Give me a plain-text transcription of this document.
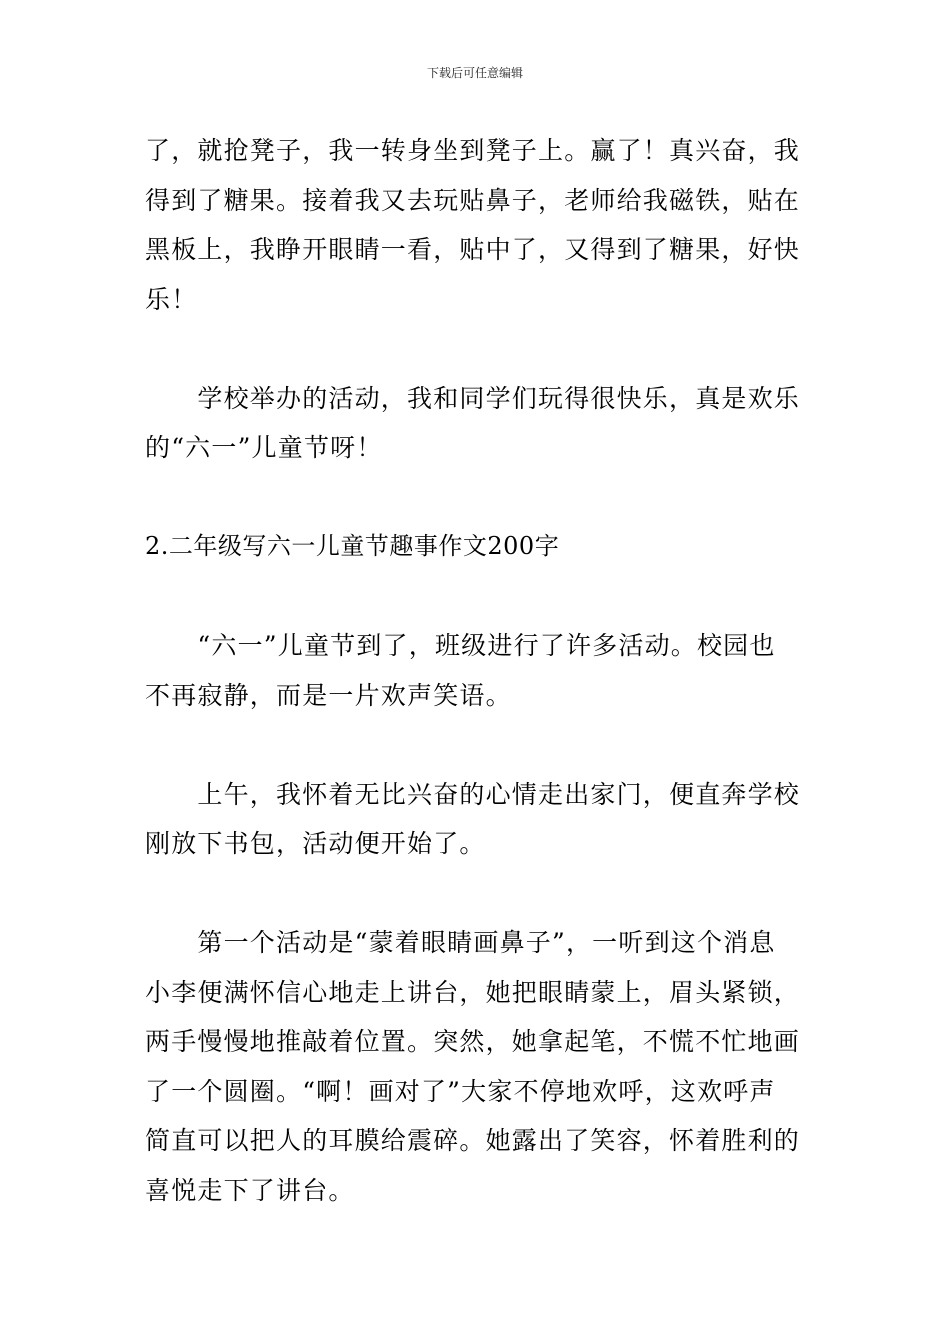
下载后可任意编辑
了，就抢凳子，我一转身坐到凳子上。赢了！真兴奋，我
得到了糖果。接着我又去玩贴鼻子，老师给我磁铁，贴在
黑板上，我睁开眼睛一看，贴中了，又得到了糖果，好快
乐！
　　学校举办的活动，我和同学们玩得很快乐，真是欢乐
的“六一”儿童节呀！
2.二年级写六一儿童节趣事作文200字
　　“六一”儿童节到了，班级进行了许多活动。校园也
不再寂静，而是一片欢声笑语。
　　上午，我怀着无比兴奋的心情走出家门，便直奔学校
刚放下书包，活动便开始了。
　　第一个活动是“蒙着眼睛画鼻子”，一听到这个消息
小李便满怀信心地走上讲台，她把眼睛蒙上，眉头紧锁，
两手慢慢地推敲着位置。突然，她拿起笔，不慌不忙地画
了一个圆圈。“啊！画对了”大家不停地欢呼，这欢呼声
简直可以把人的耳膜给震碎。她露出了笑容，怀着胜利的
喜悦走下了讲台。
